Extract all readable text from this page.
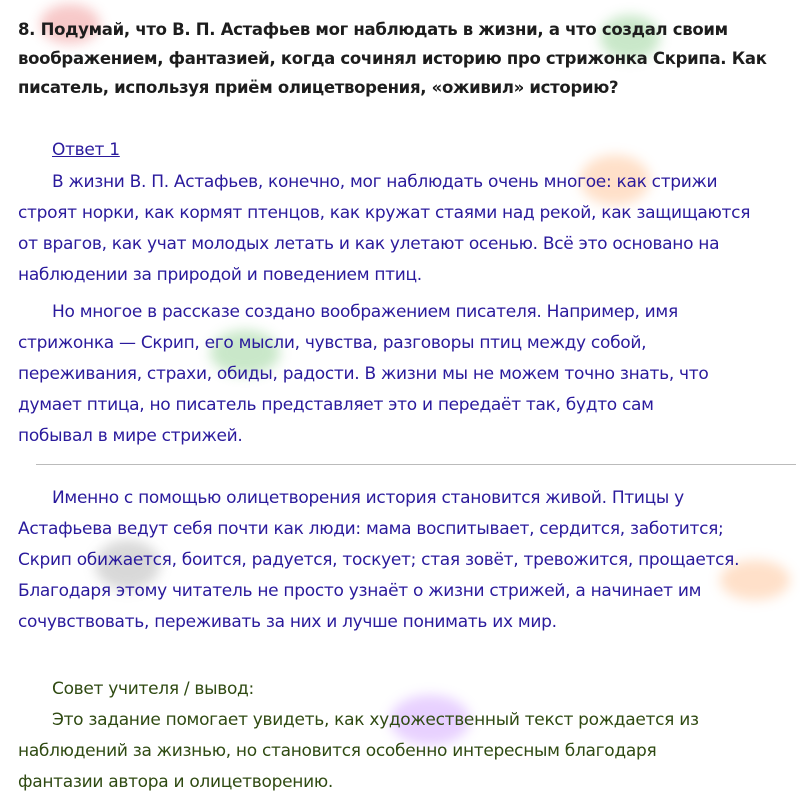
8. Подумай, что В. П. Астафьев мог наблюдать в жизни, а что создал своим
воображением, фантазией, когда сочинял историю про стрижонка Скрипа. Как
писатель, используя приём олицетворения, «оживил» историю?
Ответ 1
В жизни В. П. Астафьев, конечно, мог наблюдать очень многое: как стрижи
строят норки, как кормят птенцов, как кружат стаями над рекой, как защищаются
от врагов, как учат молодых летать и как улетают осенью. Всё это основано на
наблюдении за природой и поведением птиц.
Но многое в рассказе создано воображением писателя. Например, имя
стрижонка — Скрип, его мысли, чувства, разговоры птиц между собой,
переживания, страхи, обиды, радости. В жизни мы не можем точно знать, что
думает птица, но писатель представляет это и передаёт так, будто сам
побывал в мире стрижей.
Именно с помощью олицетворения история становится живой. Птицы у
Астафьева ведут себя почти как люди: мама воспитывает, сердится, заботится;
Скрип обижается, боится, радуется, тоскует; стая зовёт, тревожится, прощается.
Благодаря этому читатель не просто узнаёт о жизни стрижей, а начинает им
сочувствовать, переживать за них и лучше понимать их мир.
Совет учителя / вывод:
Это задание помогает увидеть, как художественный текст рождается из
наблюдений за жизнью, но становится особенно интересным благодаря
фантазии автора и олицетворению.
